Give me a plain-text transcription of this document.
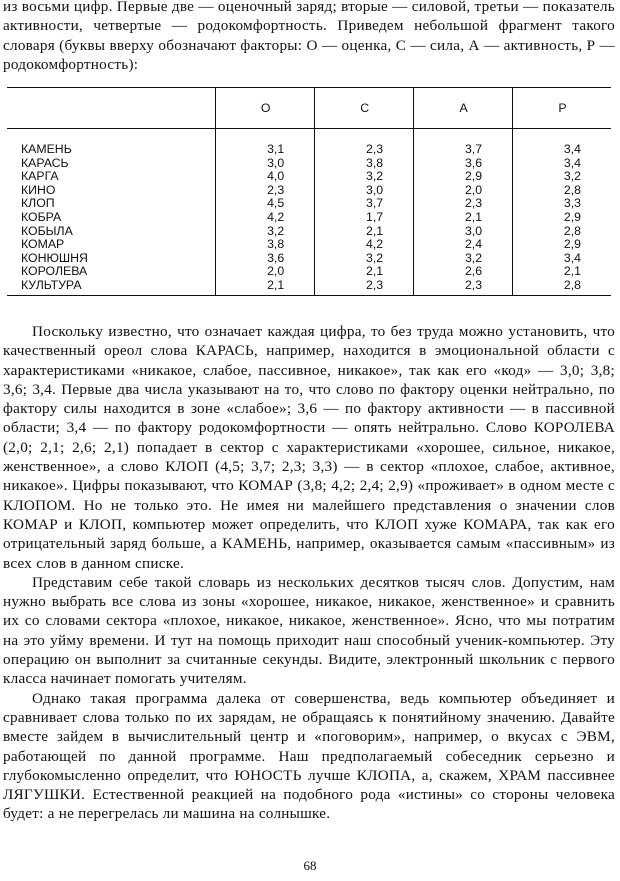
из восьми цифр. Первые две — оценочный заряд; вторые — силовой, третьи — показатель активности, четвертые — родокомфортность. Приведем небольшой фрагмент такого словаря (буквы вверху обозначают факторы: О — оценка, С — сила, А — активность, Р — родокомфортность):

	О	С	А	Р
КАМЕНЬ	3,1	2,3	3,7	3,4
КАРАСЬ	3,0	3,8	3,6	3,4
КАРГА	4,0	3,2	2,9	3,2
КИНО	2,3	3,0	2,0	2,8
КЛОП	4,5	3,7	2,3	3,3
КОБРА	4,2	1,7	2,1	2,9
КОБЫЛА	3,2	2,1	3,0	2,8
КОМАР	3,8	4,2	2,4	2,9
КОНЮШНЯ	3,6	3,2	3,2	3,4
КОРОЛЕВА	2,0	2,1	2,6	2,1
КУЛЬТУРА	2,1	2,3	2,3	2,8

Поскольку известно, что означает каждая цифра, то без труда можно установить, что качественный ореол слова КАРАСЬ, например, находится в эмоциональной области с характеристиками «никакое, слабое, пассивное, никакое», так как его «код» — 3,0; 3,8; 3,6; 3,4. Первые два числа указывают на то, что слово по фактору оценки нейтрально, по фактору силы находится в зоне «слабое»; 3,6 — по фактору активности — в пассивной области; 3,4 — по фактору родокомфортности — опять нейтрально. Слово КОРОЛЕВА (2,0; 2,1; 2,6; 2,1) попадает в сектор с характеристиками «хорошее, сильное, никакое, женственное», а слово КЛОП (4,5; 3,7; 2,3; 3,3) — в сектор «плохое, слабое, активное, никакое». Цифры показывают, что КОМАР (3,8; 4,2; 2,4; 2,9) «проживает» в одном месте с КЛОПОМ. Но не только это. Не имея ни малейшего представления о значении слов КОМАР и КЛОП, компьютер может определить, что КЛОП хуже КОМАРА, так как его отрицательный заряд больше, а КАМЕНЬ, например, оказывается самым «пассивным» из всех слов в данном списке.

Представим себе такой словарь из нескольких десятков тысяч слов. Допустим, нам нужно выбрать все слова из зоны «хорошее, никакое, никакое, женственное» и сравнить их со словами сектора «плохое, никакое, никакое, женственное». Ясно, что мы потратим на это уйму времени. И тут на помощь приходит наш способный ученик-компьютер. Эту операцию он выполнит за считанные секунды. Видите, электронный школьник с первого класса начинает помогать учителям.

Однако такая программа далека от совершенства, ведь компьютер объединяет и сравнивает слова только по их зарядам, не обращаясь к понятийному значению. Давайте вместе зайдем в вычислительный центр и «поговорим», например, о вкусах с ЭВМ, работающей по данной программе. Наш предполагаемый собеседник серьезно и глубокомысленно определит, что ЮНОСТЬ лучше КЛОПА, а, скажем, ХРАМ пассивнее ЛЯГУШКИ. Естественной реакцией на подобного рода «истины» со стороны человека будет: а не перегрелась ли машина на солнышке.

68
